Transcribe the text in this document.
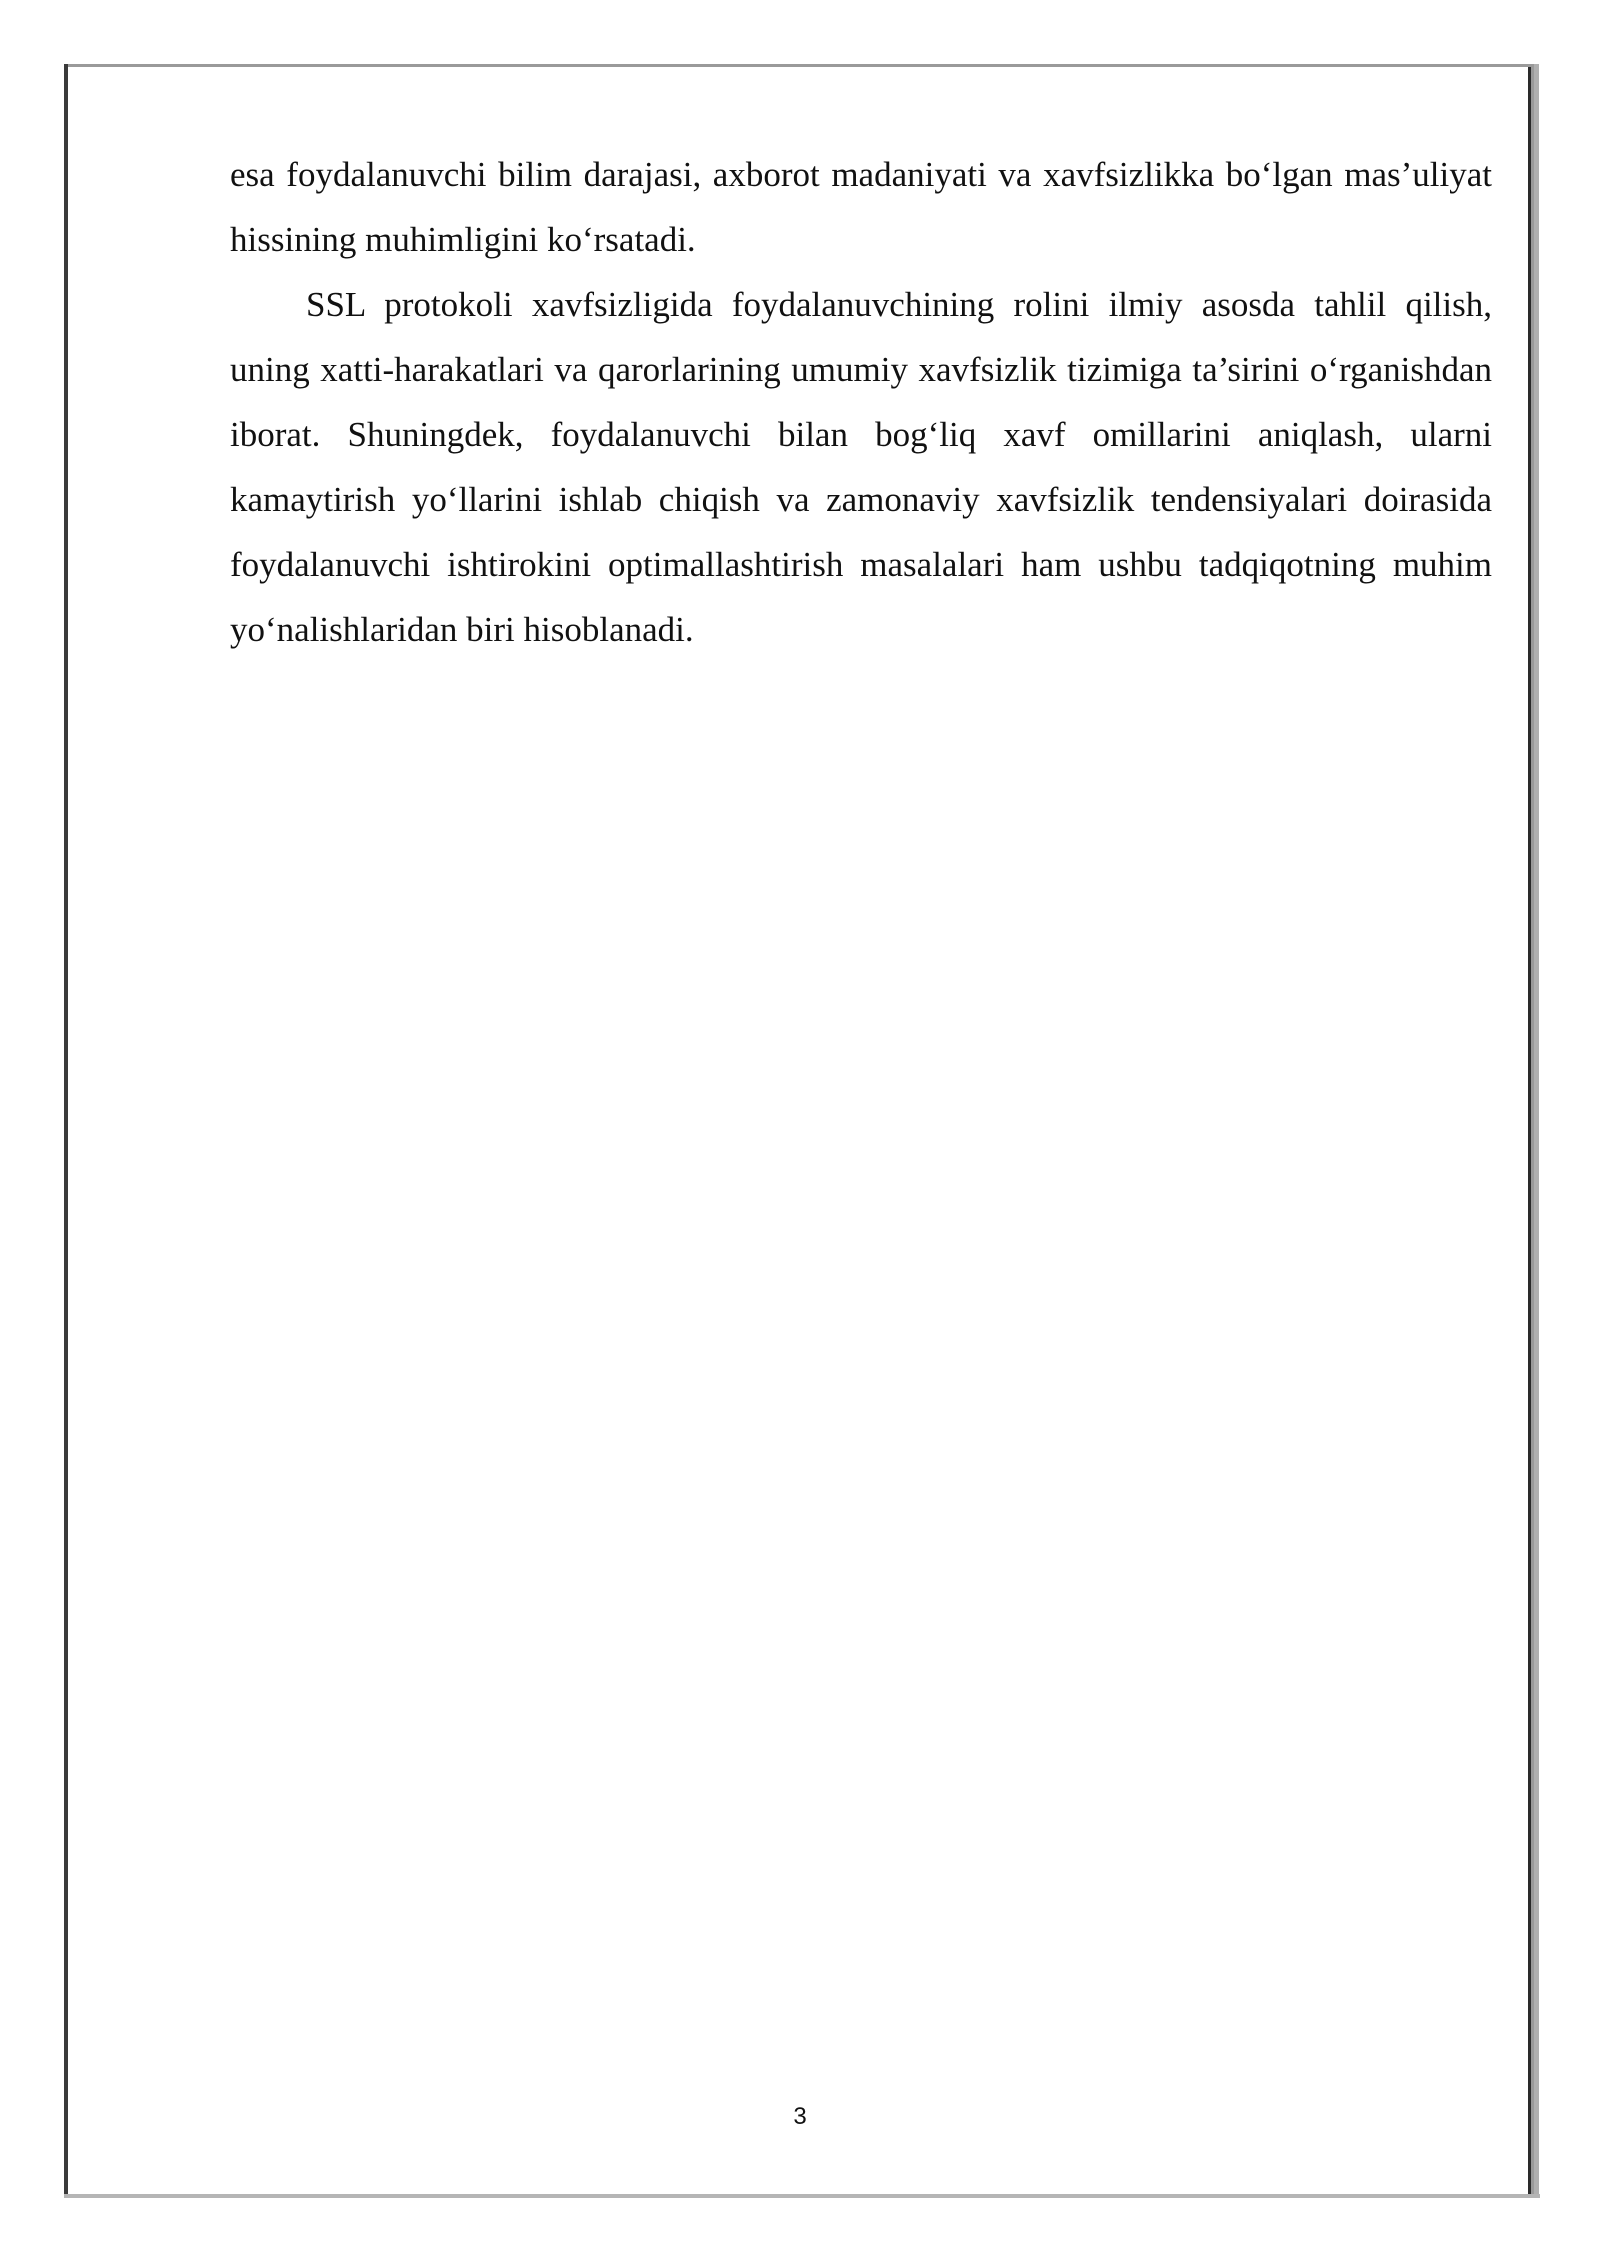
esa foydalanuvchi bilim darajasi, axborot madaniyati va xavfsizlikka bo‘lgan mas’uliyat hissining muhimligini ko‘rsatadi.

SSL protokoli xavfsizligida foydalanuvchining rolini ilmiy asosda tahlil qilish, uning xatti-harakatlari va qarorlarining umumiy xavfsizlik tizimiga ta’sirini o‘rganishdan iborat. Shuningdek, foydalanuvchi bilan bog‘liq xavf omillarini aniqlash, ularni kamaytirish yo‘llarini ishlab chiqish va zamonaviy xavfsizlik tendensiyalari doirasida foydalanuvchi ishtirokini optimallashtirish masalalari ham ushbu tadqiqotning muhim yo‘nalishlaridan biri hisoblanadi.

3
